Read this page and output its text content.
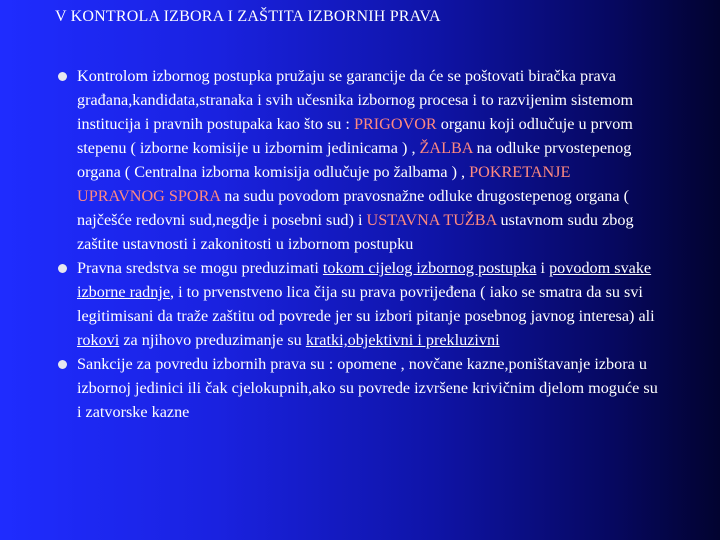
V KONTROLA IZBORA I ZAŠTITA IZBORNIH PRAVA
Kontrolom izbornog postupka pružaju se garancije da će se poštovati biračka prava građana,kandidata,stranaka i svih učesnika izbornog procesa i to razvijenim sistemom institucija i pravnih postupaka kao što su : PRIGOVOR organu koji odlučuje u prvom stepenu ( izborne komisije u izbornim jedinicama ) , ŽALBA na odluke prvostepenog organa ( Centralna izborna komisija odlučuje po žalbama ) , POKRETANJE UPRAVNOG SPORA na sudu povodom pravosnažne odluke drugostepenog organa ( najčešće redovni sud,negdje i posebni sud) i USTAVNA TUŽBA ustavnom sudu zbog zaštite ustavnosti i zakonitosti u izbornom postupku
Pravna sredstva se mogu preduzimati tokom cijelog izbornog postupka i povodom svake izborne radnje, i to prvenstveno lica čija su prava povrijeđena ( iako se smatra da su svi legitimisani da traže zaštitu od povrede jer su izbori pitanje posebnog javnog interesa) ali rokovi za njihovo preduzimanje su kratki,objektivni i prekluzivni
Sankcije za povredu izbornih prava su : opomene , novčane kazne,poništavanje izbora u izbornoj jedinici ili čak cjelokupnih,ako su povrede izvršene krivičnim djelom moguće su i zatvorske kazne
